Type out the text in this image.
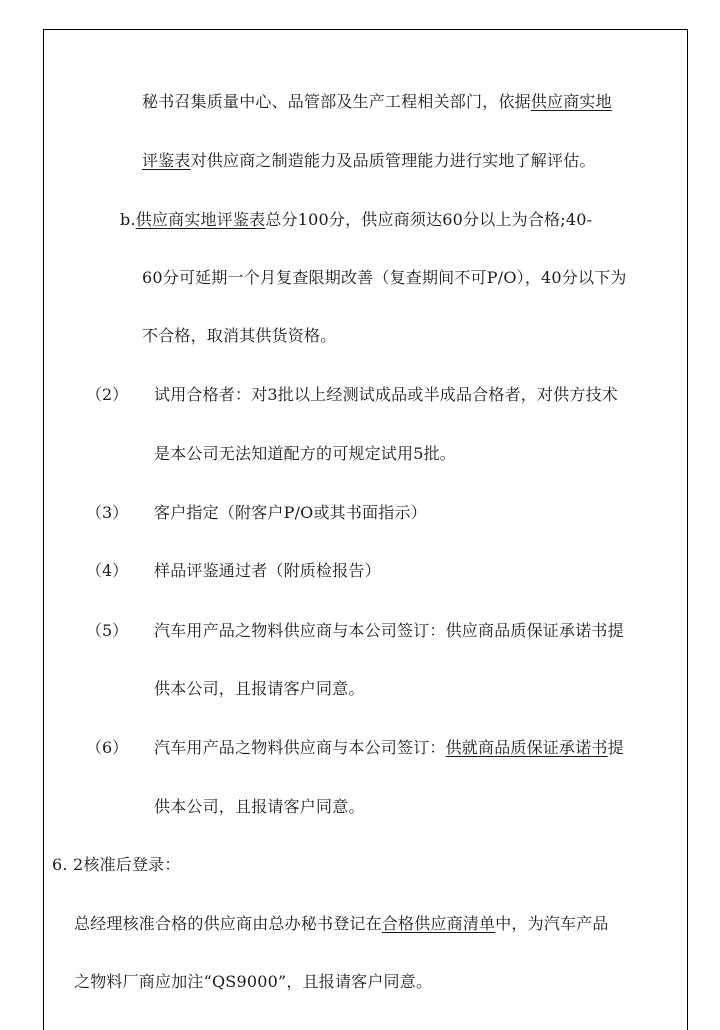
秘书召集质量中心、品管部及生产工程相关部门，依据供应商实地
评鉴表对供应商之制造能力及品质管理能力进行实地了解评估。
b.供应商实地评鉴表总分100分，供应商须达60分以上为合格;40-
60分可延期一个月复查限期改善（复查期间不可P/O），40分以下为
不合格，取消其供货资格。
（2） 试用合格者：对3批以上经测试成品或半成品合格者，对供方技术
是本公司无法知道配方的可规定试用5批。
（3） 客户指定（附客户P/O或其书面指示）
（4） 样品评鉴通过者（附质检报告）
（5） 汽车用产品之物料供应商与本公司签订：供应商品质保证承诺书提
供本公司，且报请客户同意。
（6） 汽车用产品之物料供应商与本公司签订：供就商品质保证承诺书提
供本公司，且报请客户同意。
6. 2核准后登录：
总经理核准合格的供应商由总办秘书登记在合格供应商清单中，为汽车产品
之物料厂商应加注“QS9000”，且报请客户同意。
